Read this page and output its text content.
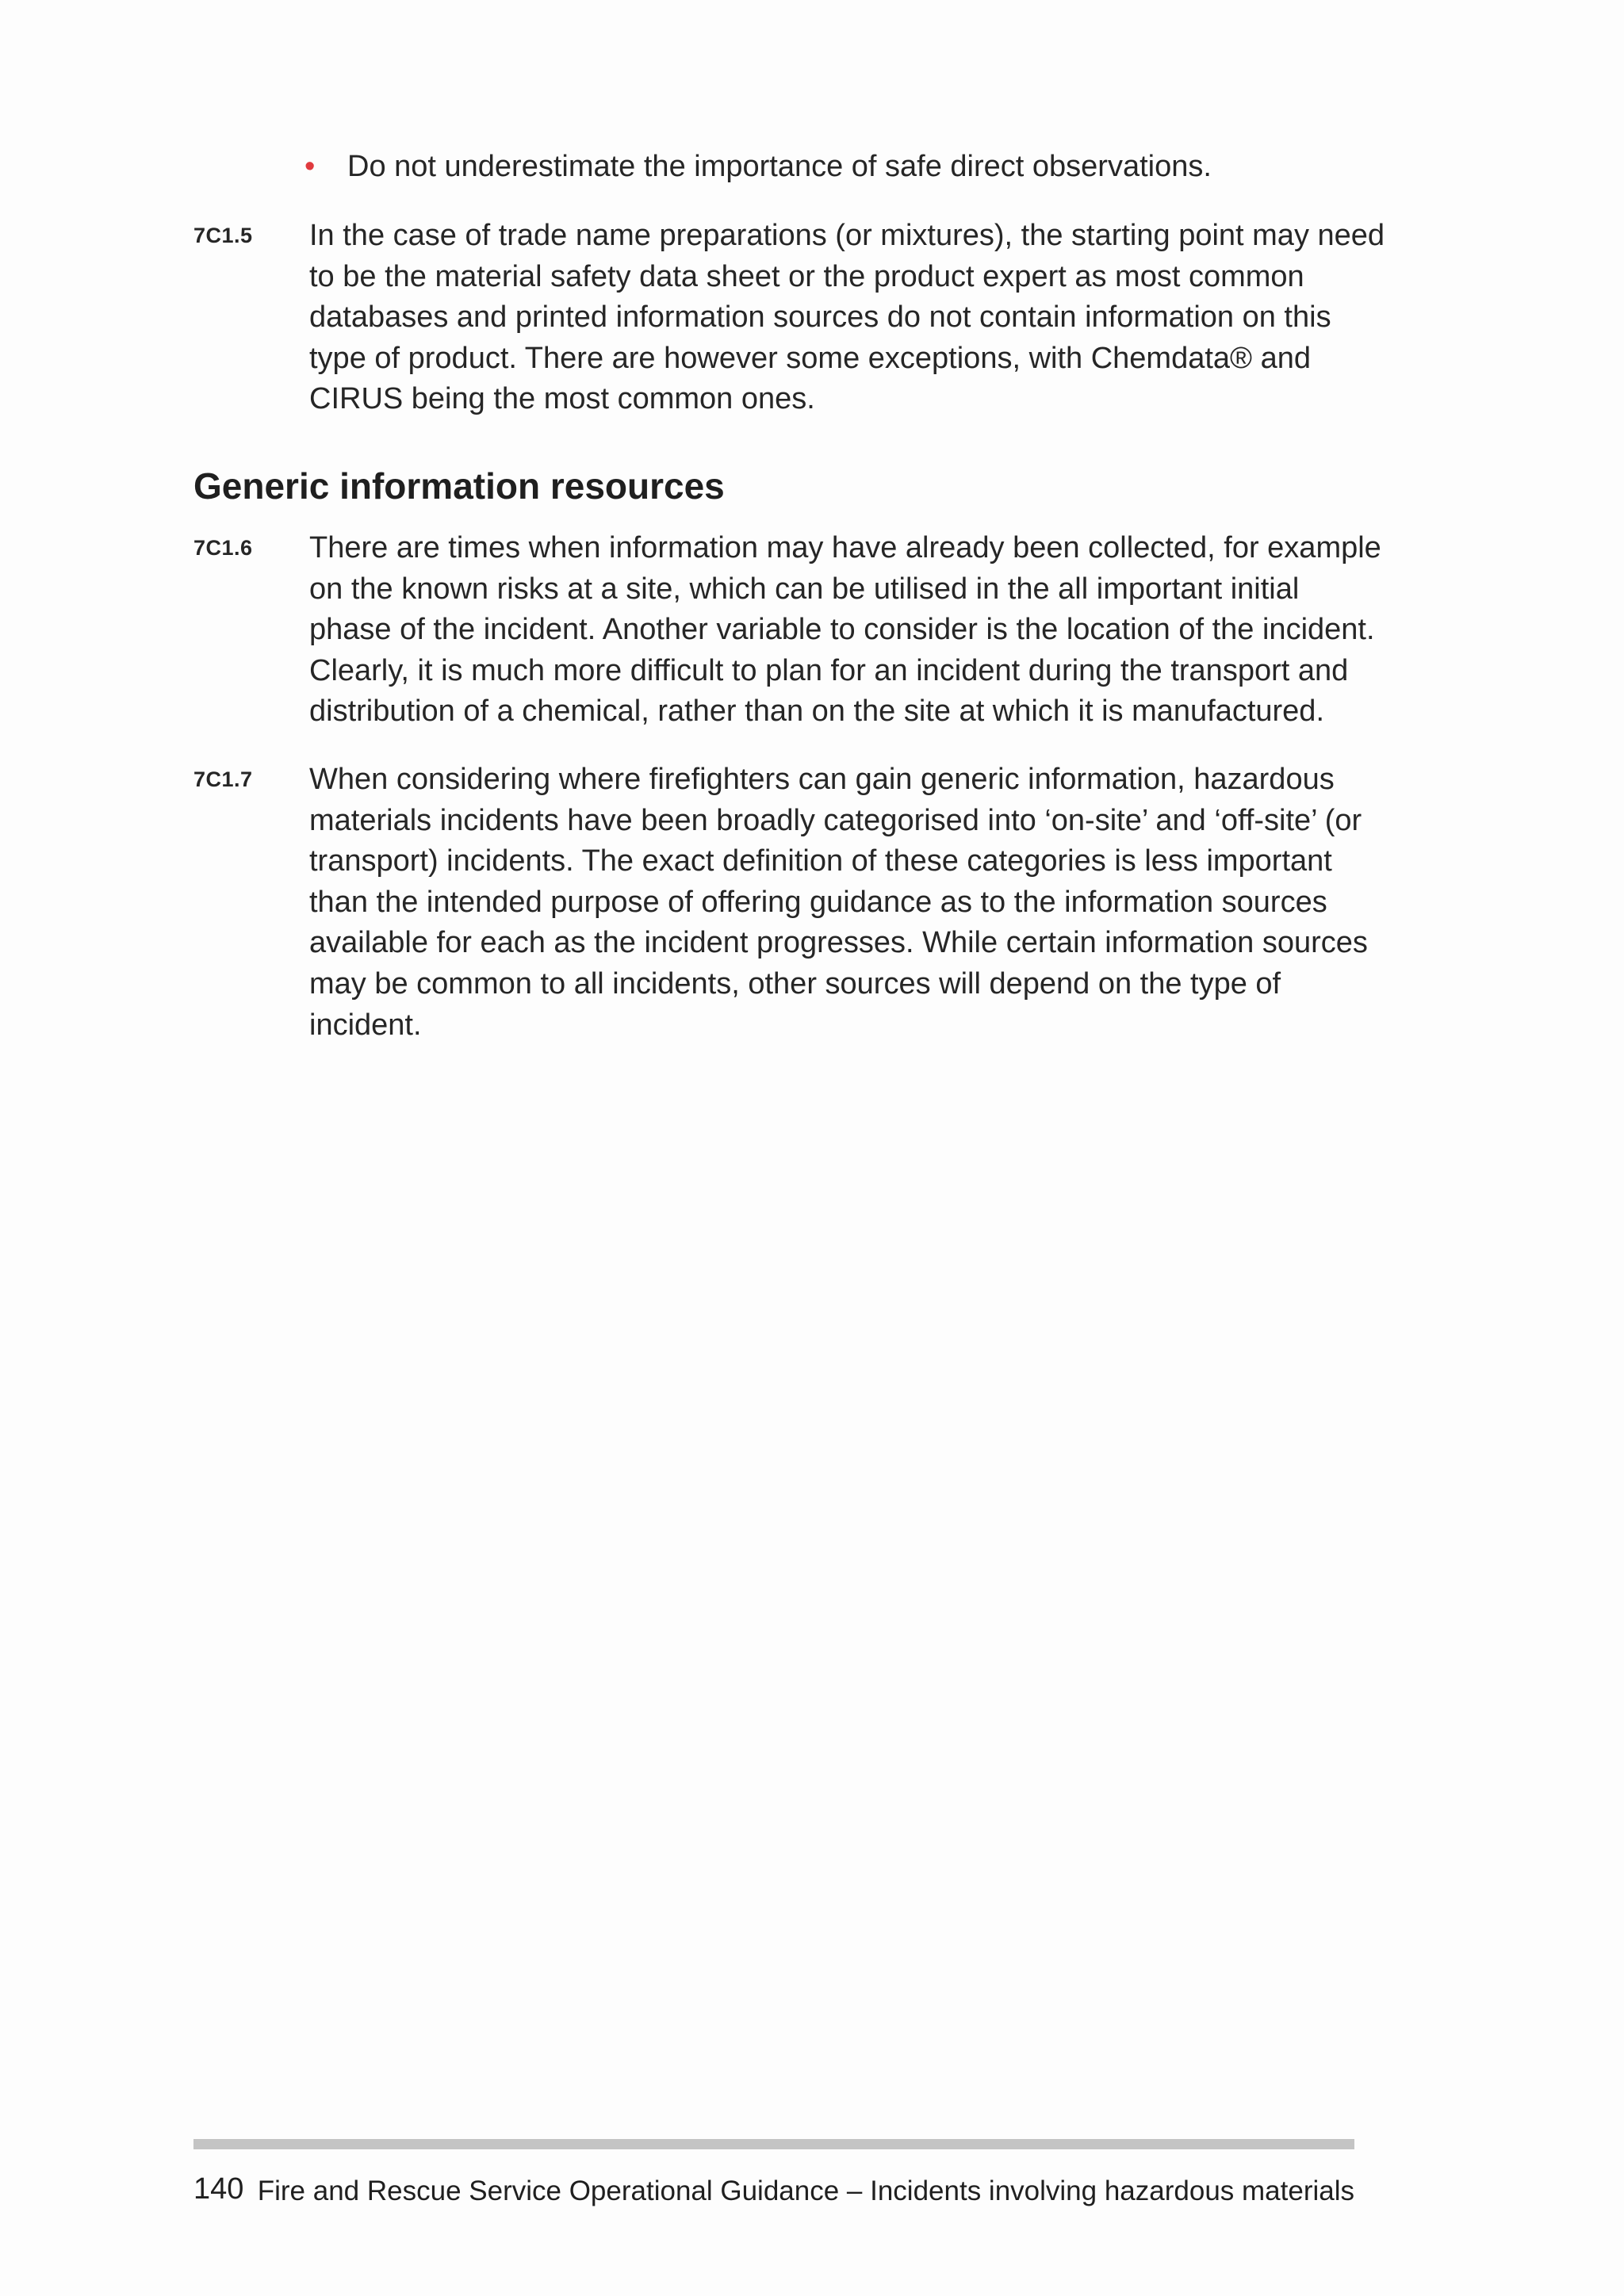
• Do not underestimate the importance of safe direct observations.
7C1.5 In the case of trade name preparations (or mixtures), the starting point may need
to be the material safety data sheet or the product expert as most common
databases and printed information sources do not contain information on this
type of product. There are however some exceptions, with Chemdata® and
CIRUS being the most common ones.
Generic information resources
7C1.6 There are times when information may have already been collected, for example
on the known risks at a site, which can be utilised in the all important initial
phase of the incident. Another variable to consider is the location of the incident.
Clearly, it is much more difficult to plan for an incident during the transport and
distribution of a chemical, rather than on the site at which it is manufactured.
7C1.7 When considering where firefighters can gain generic information, hazardous
materials incidents have been broadly categorised into ‘on-site’ and ‘off-site’ (or
transport) incidents. The exact definition of these categories is less important
than the intended purpose of offering guidance as to the information sources
available for each as the incident progresses. While certain information sources
may be common to all incidents, other sources will depend on the type of
incident.
140 Fire and Rescue Service Operational Guidance – Incidents involving hazardous materials
